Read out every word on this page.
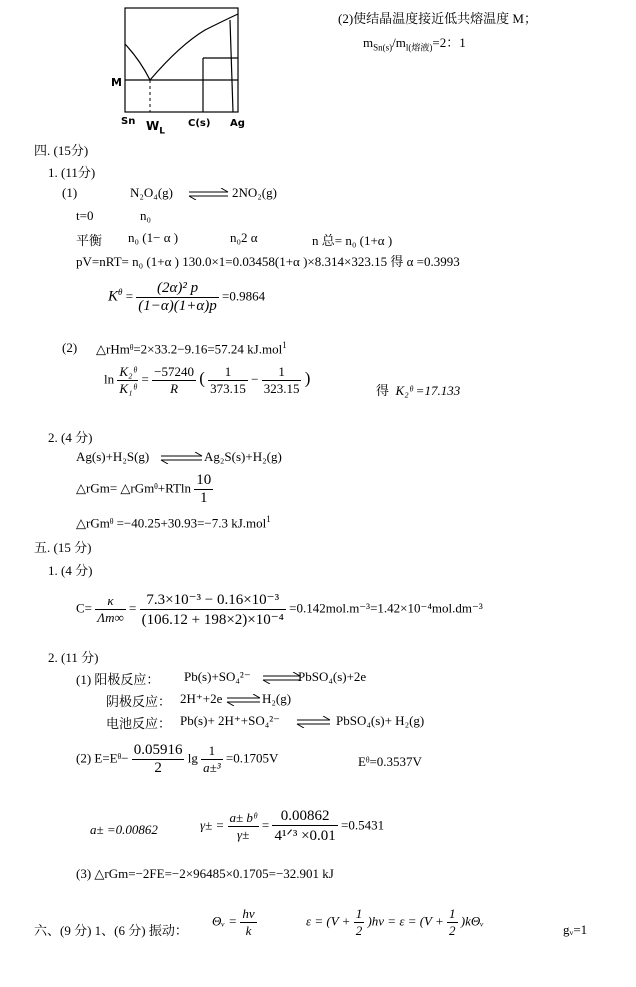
M
Sn $W_L$
C(s) Ag
(2)使结晶温度接近低共熔温度 M；
$m_{Sn(s)}/m_{l(熔液)}=2$：1
四. (15分)
1. (11分)
(1)	N₂O₄(g) ⇌ 2NO₂(g)
t=0	n₀
平衡 n₀ (1− α )	n₀2 α	n 总= n₀ (1+α )
pV=nRT= n₀ (1+α ) 130.0×1=0.03458(1+α )×8.314×323.15 得 α =0.3993
$K^\theta = \frac{\text{(2α)² p}}{(1-\alpha)(1+\alpha)p} =0.9864$
(2) △rHmᶿ=2×33.2−9.16=57.24 kJ.mol$^1$
$\ln \frac{\text{K₂ᶿ}}{\text{K₁ᶿ}} = \frac{-57240}{R}$ ( $\frac{1}{373.15} - \frac{1}{323.15}$ )
得 K₂ᶿ =17.133
2. (4 分)
Ag(s)+H₂S(g) ⇌ Ag₂S(s)+H₂(g)
△rGm= △rGmᶿ+RTln $\frac{10}{1}$
△rGmᶿ =−40.25+30.93=−7.3 kJ.mol$^1$
五. (15 分)
1. (4 分)
$C= \frac{\kappa}{\Lambda m\infty} = \frac{\text{7.3×10⁻³ − 0.16×10⁻³}}{\text{(106.12 + 198×2)×10⁻⁴}} =0.142mol.m^{-3}=1.42\times 10^{-4}mol.dm^{-3}$
2. (11 分)
(1) 阳极反应： Pb(s)+SO₄²⁻ ⇌
PbSO₄(s)+2e
阴极反应： 2H⁺+2e ⇌ H₂(g)
电池反应： Pb(s)+ 2H⁺+SO₄²⁻ ⇌ PbSO₄(s)+ H₂(g)
(2) E=Eᶿ− $\frac{0.05916}{2}$ $\lg \frac{1}{\text{a±³}} =0.1705V$	Eᶿ=0.3537V
a± =0.00862	$\gamma\pm = \frac{\text{a± bᶿ}}{\gamma\pm} = \frac{0.00862}{\text{4¹ᐟ³ ×0.01}} =0.5431$
(3) △rGm=−2FE=−2×96485×0.1705=−32.901 kJ
六、(9 分) 1、(6 分) 振动：
Θᵥ = $\frac{h\nu}{k}$	$\varepsilon = (V + \frac{1}{2} )h\nu = \varepsilon = (V + \frac{1}{2}$ )kΘᵥ
gᵥ=1
